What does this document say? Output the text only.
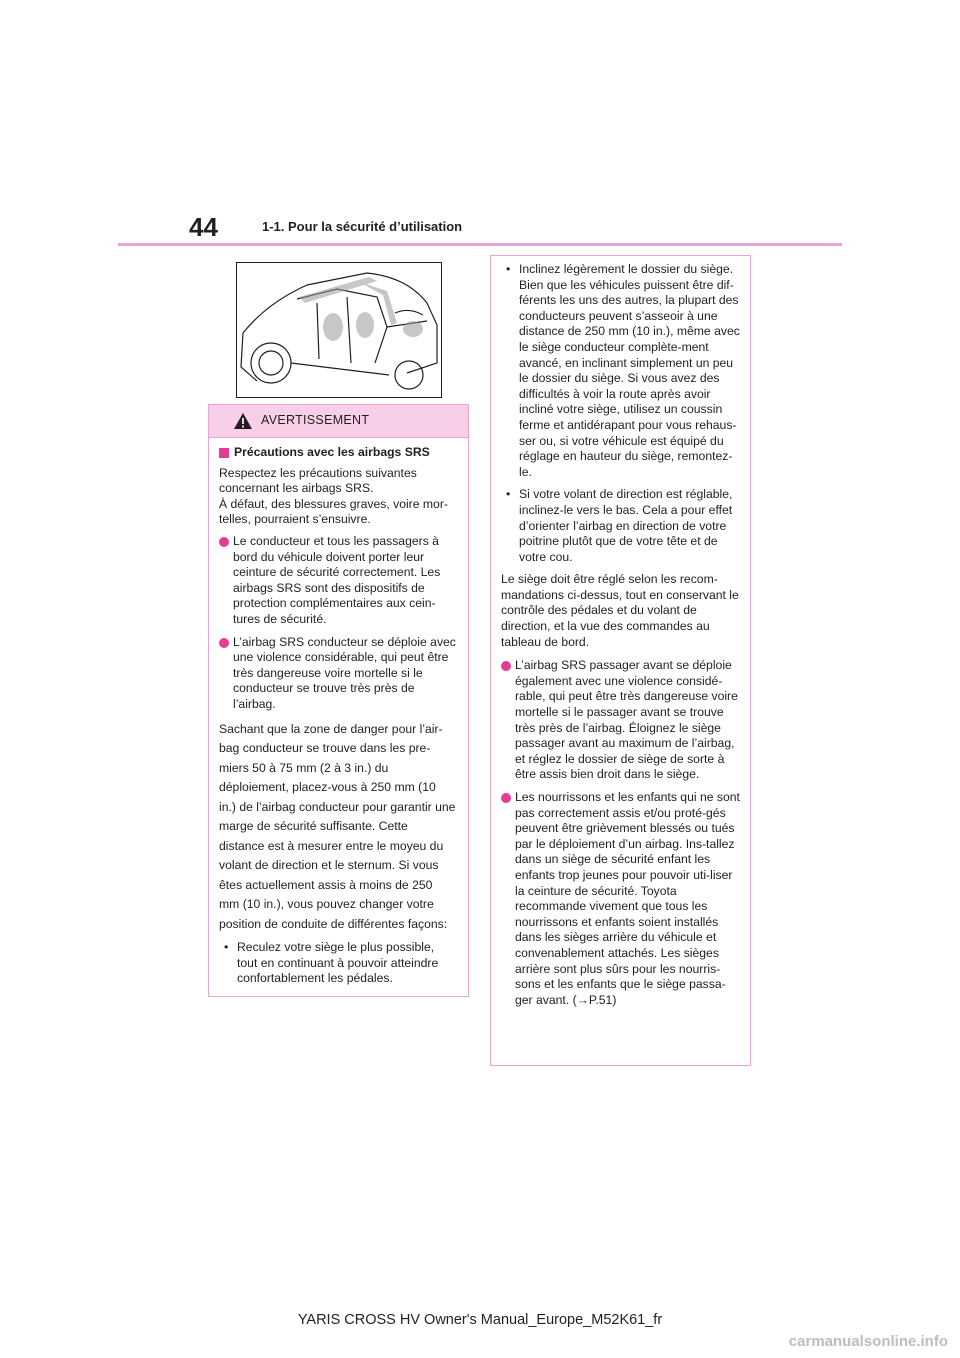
44	1-1. Pour la sécurité d’utilisation
AVERTISSEMENT
Précautions avec les airbags SRS

Respectez les précautions suivantes concernant les airbags SRS.
À défaut, des blessures graves, voire mor-telles, pourraient s’ensuivre.

Le conducteur et tous les passagers à bord du véhicule doivent porter leur ceinture de sécurité correctement. Les airbags SRS sont des dispositifs de protection complémentaires aux cein-tures de sécurité.
L’airbag SRS conducteur se déploie avec une violence considérable, qui peut être très dangereuse voire mortelle si le conducteur se trouve très près de l’airbag.

Sachant que la zone de danger pour l’air-bag conducteur se trouve dans les pre-miers 50 à 75 mm (2 à 3 in.) du déploiement, placez-vous à 250 mm (10 in.) de l’airbag conducteur pour garantir une marge de sécurité suffisante. Cette distance est à mesurer entre le moyeu du volant de direction et le sternum. Si vous êtes actuellement assis à moins de 250 mm (10 in.), vous pouvez changer votre position de conduite de différentes façons:

• Reculez votre siège le plus possible, tout en continuant à pouvoir atteindre confortablement les pédales.
• Inclinez légèrement le dossier du siège. Bien que les véhicules puissent être dif-férents les uns des autres, la plupart des conducteurs peuvent s’asseoir à une distance de 250 mm (10 in.), même avec le siège conducteur complète-ment avancé, en inclinant simplement un peu le dossier du siège. Si vous avez des difficultés à voir la route après avoir incliné votre siège, utilisez un coussin ferme et antidérapant pour vous rehaus-ser ou, si votre véhicule est équipé du réglage en hauteur du siège, remontez-le.
• Si votre volant de direction est réglable, inclinez-le vers le bas. Cela a pour effet d’orienter l’airbag en direction de votre poitrine plutôt que de votre tête et de votre cou.

Le siège doit être réglé selon les recom-mandations ci-dessus, tout en conservant le contrôle des pédales et du volant de direction, et la vue des commandes au tableau de bord.

L’airbag SRS passager avant se déploie également avec une violence considé-rable, qui peut être très dangereuse voire mortelle si le passager avant se trouve très près de l’airbag. Éloignez le siège passager avant au maximum de l’airbag, et réglez le dossier de siège de sorte à être assis bien droit dans le siège.
Les nourrissons et les enfants qui ne sont pas correctement assis et/ou proté-gés peuvent être grièvement blessés ou tués par le déploiement d’un airbag. Ins-tallez dans un siège de sécurité enfant les enfants trop jeunes pour pouvoir uti-liser la ceinture de sécurité. Toyota recommande vivement que tous les nourrissons et enfants soient installés dans les sièges arrière du véhicule et convenablement attachés. Les sièges arrière sont plus sûrs pour les nourris-sons et les enfants que le siège passa-ger avant. (→P.51)
YARIS CROSS HV Owner's Manual_Europe_M52K61_fr
carmanualsonline.info
